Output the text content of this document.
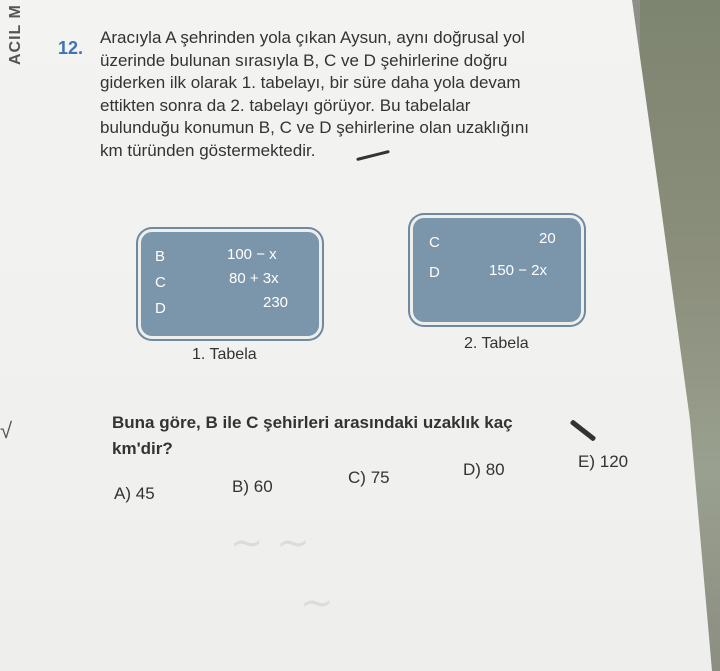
ACIL M
√
12.
Aracıyla A şehrinden yola çıkan Aysun, aynı doğrusal yol
üzerinde bulunan sırasıyla B, C ve D şehirlerine doğru
giderken ilk olarak 1. tabelayı, bir süre daha yola devam
ettikten sonra da 2. tabelayı görüyor. Bu tabelalar
bulunduğu konumun B, C ve D şehirlerine olan uzaklığını
km türünden göstermektedir.
B	100 − x
C	80 + 3x
D	230
1. Tabela
C	20
D	150 − 2x
2. Tabela
~ ~
~
Buna göre, B ile C şehirleri arasındaki uzaklık kaç
km'dir?
A) 45	B) 60	C) 75	D) 80	E) 120
